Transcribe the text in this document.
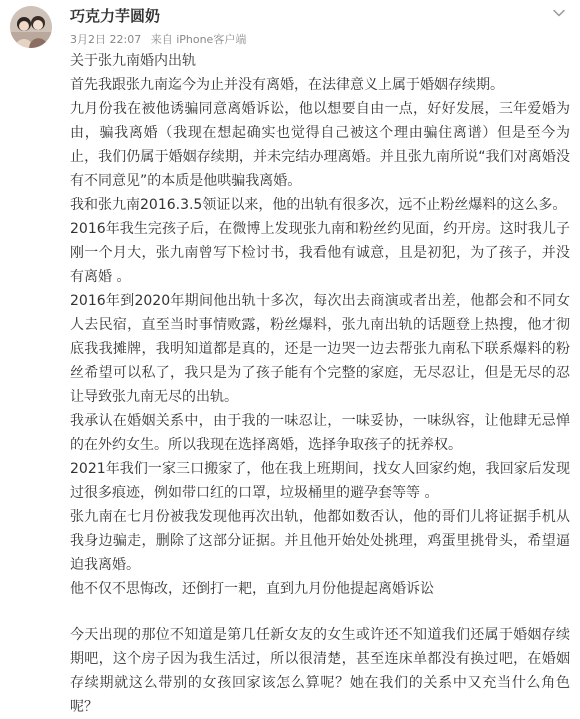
巧克力芋圆奶
3月2日 22:07 来自 iPhone客户端

关于张九南婚内出轨

首先我跟张九南迄今为止并没有离婚，在法律意义上属于婚姻存续期。

九月份我在被他诱骗同意离婚诉讼，他以想要自由一点，好好发展，三年爱婚为由，骗我离婚（我现在想起确实也觉得自己被这个理由骗住离谱）但是至今为止，我们仍属于婚姻存续期，并未完结办理离婚。并且张九南所说“我们对离婚没有不同意见”的本质是他哄骗我离婚。

我和张九南2016.3.5领证以来，他的出轨有很多次，远不止粉丝爆料的这么多。

2016年我生完孩子后，在微博上发现张九南和粉丝约见面，约开房。这时我儿子刚一个月大，张九南曾写下检讨书，我看他有诚意，且是初犯，为了孩子，并没有离婚 。

2016年到2020年期间他出轨十多次，每次出去商演或者出差，他都会和不同女人去民宿，直至当时事情败露，粉丝爆料，张九南出轨的话题登上热搜，他才彻底我我摊牌，我明知道都是真的，还是一边哭一边去帮张九南私下联系爆料的粉丝希望可以私了，我只是为了孩子能有个完整的家庭，无尽忍让，但是无尽的忍让导致张九南无尽的出轨。

我承认在婚姻关系中，由于我的一味忍让，一味妥协，一味纵容，让他肆无忌惮的在外约女生。所以我现在选择离婚，选择争取孩子的抚养权。

2021年我们一家三口搬家了，他在我上班期间，找女人回家约炮，我回家后发现过很多痕迹，例如带口红的口罩，垃圾桶里的避孕套等等 。

张九南在七月份被我发现他再次出轨，他都如数否认，他的哥们儿将证据手机从我身边骗走，删除了这部分证据。并且他开始处处挑理，鸡蛋里挑骨头，希望逼迫我离婚。

他不仅不思悔改，还倒打一耙，直到九月份他提起离婚诉讼

今天出现的那位不知道是第几任新女友的女生或许还不知道我们还属于婚姻存续期吧，这个房子因为我生活过，所以很清楚，甚至连床单都没有换过吧，在婚姻存续期就这么带别的女孩回家该怎么算呢？她在我们的关系中又充当什么角色呢？
